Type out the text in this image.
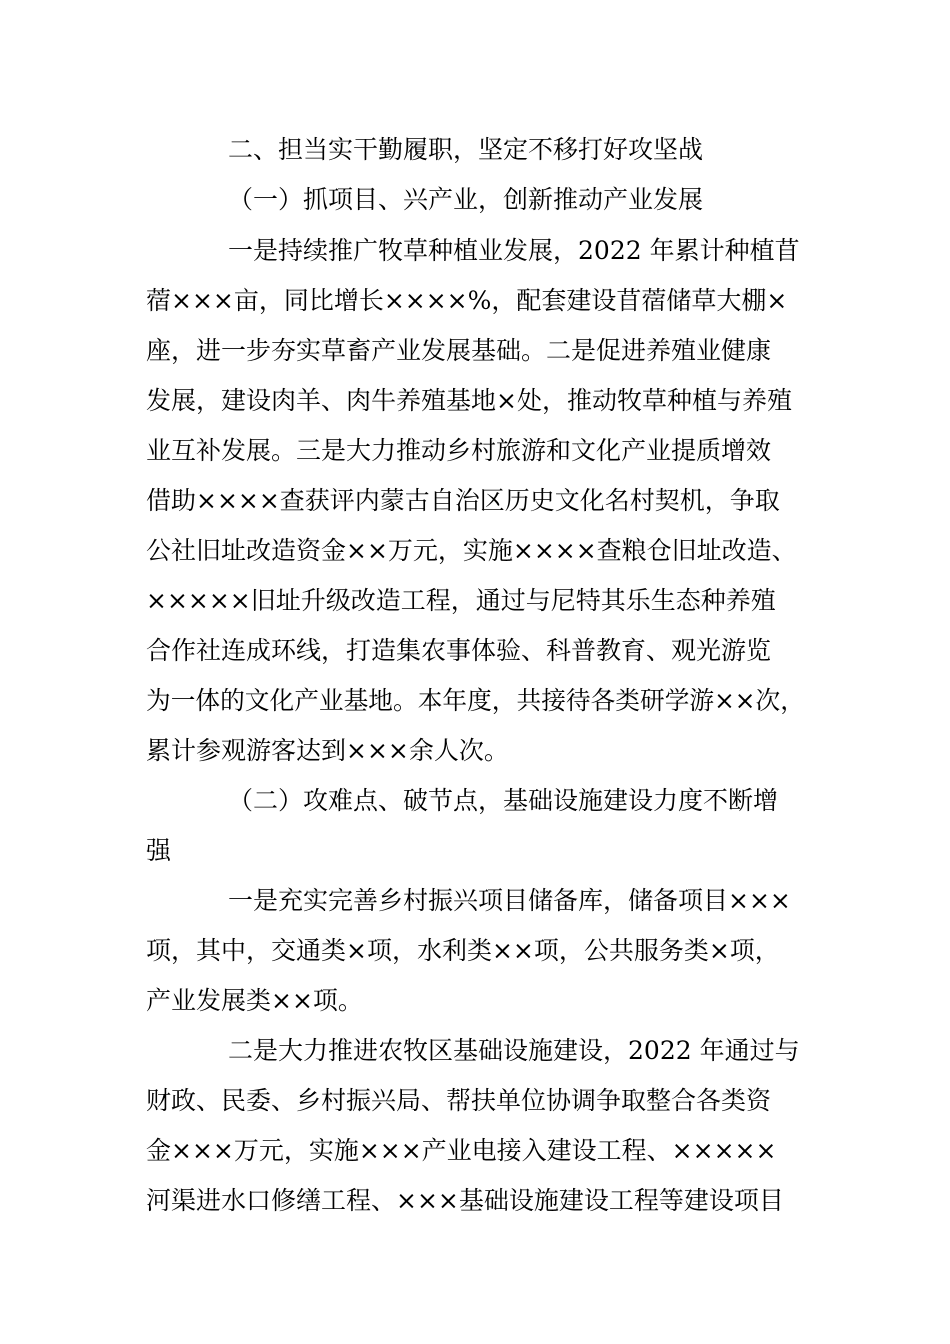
二、担当实干勤履职，坚定不移打好攻坚战
（一）抓项目、兴产业，创新推动产业发展
一是持续推广牧草种植业发展，2022 年累计种植苜
蓿×××亩，同比增长××××%，配套建设苜蓿储草大棚×
座，进一步夯实草畜产业发展基础。二是促进养殖业健康
发展，建设肉羊、肉牛养殖基地×处，推动牧草种植与养殖
业互补发展。三是大力推动乡村旅游和文化产业提质增效
借助××××查获评内蒙古自治区历史文化名村契机，争取
公社旧址改造资金××万元，实施××××查粮仓旧址改造、
×××××旧址升级改造工程，通过与尼特其乐生态种养殖
合作社连成环线，打造集农事体验、科普教育、观光游览
为一体的文化产业基地。本年度，共接待各类研学游××次，
累计参观游客达到×××余人次。
（二）攻难点、破节点，基础设施建设力度不断增
强
一是充实完善乡村振兴项目储备库，储备项目×××
项，其中，交通类×项，水利类××项，公共服务类×项，
产业发展类××项。
二是大力推进农牧区基础设施建设，2022 年通过与
财政、民委、乡村振兴局、帮扶单位协调争取整合各类资
金×××万元，实施×××产业电接入建设工程、×××××
河渠进水口修缮工程、×××基础设施建设工程等建设项目
